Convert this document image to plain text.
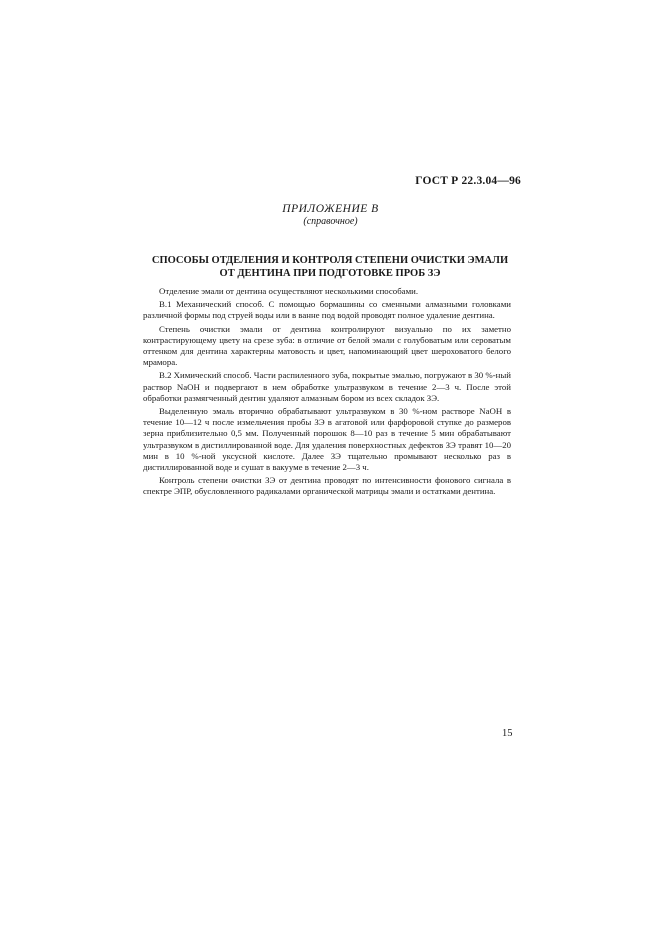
ГОСТ Р 22.3.04—96
ПРИЛОЖЕНИЕ В
(справочное)
СПОСОБЫ ОТДЕЛЕНИЯ И КОНТРОЛЯ СТЕПЕНИ ОЧИСТКИ ЭМАЛИ
ОТ ДЕНТИНА ПРИ ПОДГОТОВКЕ ПРОБ ЗЭ

Отделение эмали от дентина осуществляют несколькими способами.

В.1 Механический способ. С помощью бормашины со сменными алмазными головками различной формы под струей воды или в ванне под водой проводят полное удаление дентина.

Степень очистки эмали от дентина контролируют визуально по их заметно контрастирующему цвету на срезе зуба: в отличие от белой эмали с голубоватым или сероватым оттенком для дентина характерны матовость и цвет, напоминающий цвет шероховатого белого мрамора.

В.2 Химический способ. Части распиленного зуба, покрытые эмалью, погружают в 30 %-ный раствор NaOH и подвергают в нем обработке ультразвуком в течение 2—3 ч. После этой обработки размягченный дентин удаляют алмазным бором из всех складок ЗЭ.

Выделенную эмаль вторично обрабатывают ультразвуком в 30 %-ном растворе NaOH в течение 10—12 ч после измельчения пробы ЗЭ в агатовой или фарфоровой ступке до размеров зерна приблизительно 0,5 мм. Полученный порошок 8—10 раз в течение 5 мин обрабатывают ультразвуком в дистиллированной воде. Для удаления поверхностных дефектов ЗЭ травят 10—20 мин в 10 %-ной уксусной кислоте. Далее ЗЭ тщательно промывают несколько раз в дистиллированной воде и сушат в вакууме в течение 2—3 ч.

Контроль степени очистки ЗЭ от дентина проводят по интенсивности фонового сигнала в спектре ЭПР, обусловленного радикалами органической матрицы эмали и остатками дентина.

15
